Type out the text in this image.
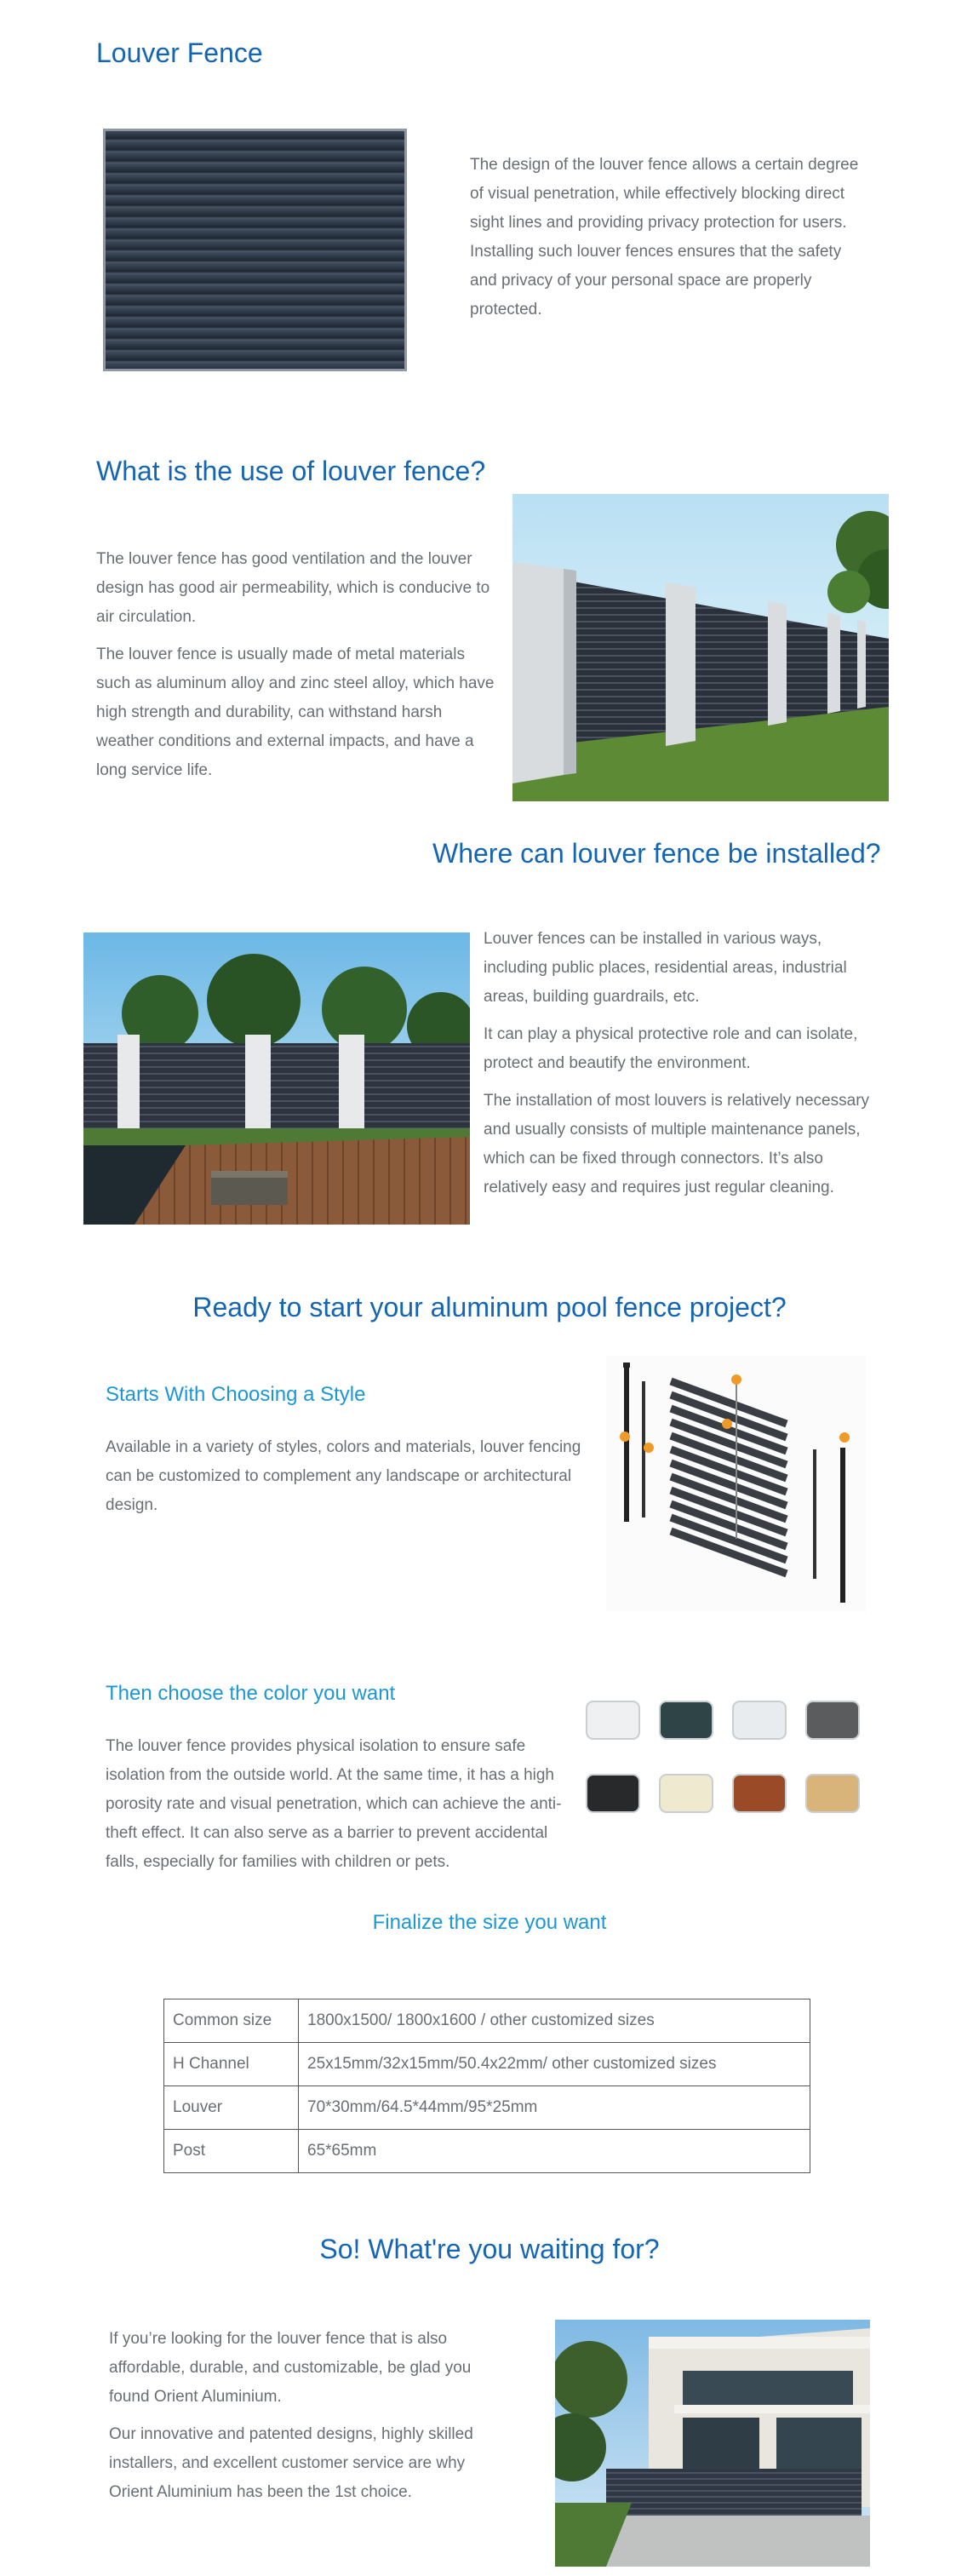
Louver Fence

The design of the louver fence allows a certain degree of visual penetration, while effectively blocking direct sight lines and providing privacy protection for users. Installing such louver fences ensures that the safety and privacy of your personal space are properly protected.

What is the use of louver fence?

The louver fence has good ventilation and the louver design has good air permeability, which is conducive to air circulation.

The louver fence is usually made of metal materials such as aluminum alloy and zinc steel alloy, which have high strength and durability, can withstand harsh weather conditions and external impacts, and have a long service life.

Where can louver fence be installed?

Louver fences can be installed in various ways, including public places, residential areas, industrial areas, building guardrails, etc.

It can play a physical protective role and can isolate, protect and beautify the environment.

The installation of most louvers is relatively necessary and usually consists of multiple maintenance panels, which can be fixed through connectors. It’s also relatively easy and requires just regular cleaning.

Ready to start your aluminum pool fence project?
Starts With Choosing a Style

Available in a variety of styles, colors and materials, louver fencing can be customized to complement any landscape or architectural design.

Then choose the color you want

The louver fence provides physical isolation to ensure safe isolation from the outside world. At the same time, it has a high porosity rate and visual penetration, which can achieve the anti-theft effect. It can also serve as a barrier to prevent accidental falls, especially for families with children or pets.

Finalize the size you want
Common size	1800x1500/ 1800x1600 / other customized sizes
H Channel	25x15mm/32x15mm/50.4x22mm/ other customized sizes
Louver	70*30mm/64.5*44mm/95*25mm
Post	65*65mm
So! What're you waiting for?

If you’re looking for the louver fence that is also affordable, durable, and customizable, be glad you found Orient Aluminium.

Our innovative and patented designs, highly skilled installers, and excellent customer service are why Orient Aluminium has been the 1st choice.
